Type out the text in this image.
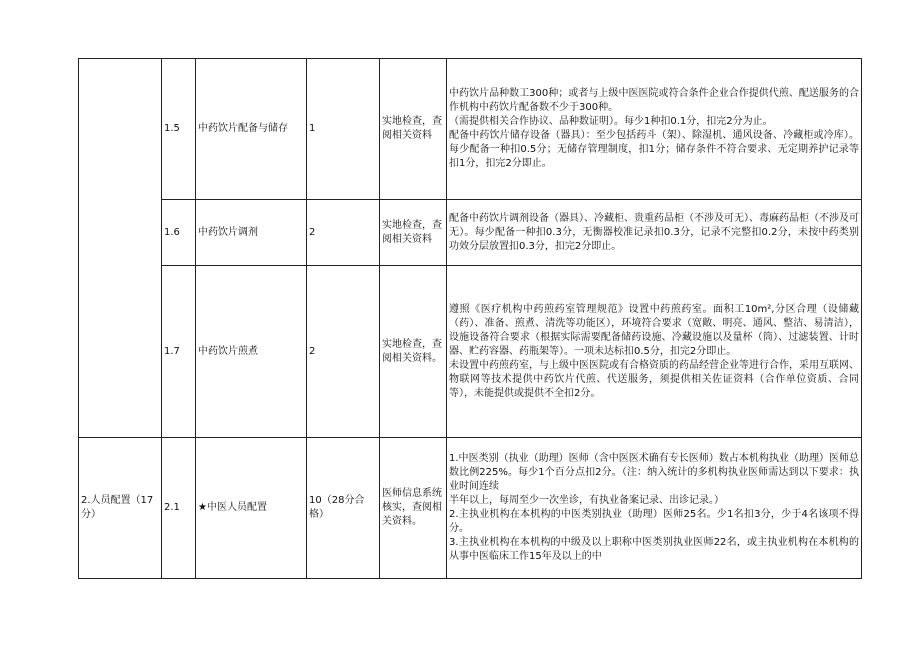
	1.5	中药饮片配备与储存	1	实地检查，查阅相关资料	中药饮片品种数工300种；或者与上级中医医院或符合条件企业合作提供代煎、配送服务的合作机构中药饮片配备数不少于300种。
（需提供相关合作协议、品种数证明）。每少1种扣0.1分，扣完2分为止。
配备中药饮片储存设备（器具）：至少包括药斗（架）、除湿机、通风设备、冷藏柜或冷库）。每少配备一种扣0.5分；无储存管理制度，扣1分；储存条件不符合要求、无定期养护记录等扣1分，扣完2分即止。

	1.6	中药饮片调剂	2	实地检查，查阅相关资料	配备中药饮片调剂设备（器具）、冷藏柜、贵重药品柜（不涉及可无）、毒麻药品柜（不涉及可无）。每少配备一种扣0.3分，无衡器校准记录扣0.3分，记录不完整扣0.2分，未按中药类别功效分层放置扣0.3分，扣完2分即止。

	1.7	中药饮片煎煮	2	实地检查，查阅相关资料。	遵照《医疗机构中药煎药室管理规范》设置中药煎药室。面积工10m²,分区合理（设储藏（药）、准备、煎煮、清洗等功能区），环境符合要求（宽敞、明亮、通风、整洁、易清洁），设施设备符合要求（根据实际需要配备储药设施、冷藏设施以及量杯（筒）、过滤装置、计时器、贮药容器、药瓶架等）。一项未达标扣0.5分，扣完2分即止。
未设置中药煎药室，与上级中医医院或有合格资质的药品经营企业等进行合作，采用互联网、物联网等技术提供中药饮片代煎、代送服务，须提供相关佐证资料（合作单位资质、合同等），未能提供或提供不全扣2分。

2.人员配置（17分）	2.1	★中医人员配置	10（28分合格）	医师信息系统核实，查阅相关资料。	1.中医类别（执业（助理）医师（含中医医术确有专长医师）数占本机构执业（助理）医师总数比例225%。每少1个百分点扣2分。（注：纳入统计的多机构执业医师需达到以下要求：执业时间连续
半年以上，每周至少一次坐诊，有执业备案记录、出诊记录。）
2.主执业机构在本机构的中医类别执业（助理）医师25名。少1名扣3分，少于4名该项不得分。
3.主执业机构在本机构的中级及以上职称中医类别执业医师22名，或主执业机构在本机构的从事中医临床工作15年及以上的中
